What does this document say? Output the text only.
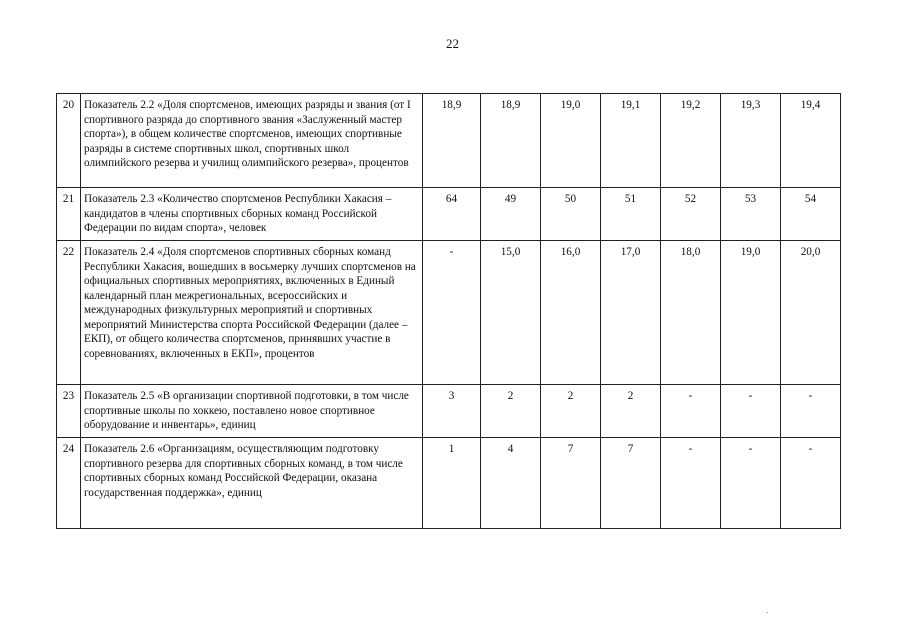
22
20	Показатель 2.2 «Доля спортсменов, имеющих разряды и звания (от I спортивного разряда до спортивного звания «Заслуженный мастер спорта»), в общем количестве спортсменов, имеющих спортивные разряды в системе спортивных школ, спортивных школ олимпийского резерва и училищ олимпийского резерва», процентов	18,9	18,9	19,0	19,1	19,2	19,3	19,4
21	Показатель 2.3 «Количество спортсменов Республики Хакасия – кандидатов в члены спортивных сборных команд Российской Федерации по видам спорта», человек	64	49	50	51	52	53	54
22	Показатель 2.4 «Доля спортсменов спортивных сборных команд Республики Хакасия, вошедших в восьмерку лучших спортсменов на официальных спортивных мероприятиях, включенных в Единый календарный план межрегиональных, всероссийских и международных физкультурных мероприятий и спортивных мероприятий Министерства спорта Российской Федерации (далее – ЕКП), от общего количества спортсменов, принявших участие в соревнованиях, включенных в ЕКП», процентов	-	15,0	16,0	17,0	18,0	19,0	20,0
23	Показатель 2.5 «В организации спортивной подготовки, в том числе спортивные школы по хоккею, поставлено новое спортивное оборудование и инвентарь», единиц	3	2	2	2	-	-	-
24	Показатель 2.6 «Организациям, осуществляющим подготовку спортивного резерва для спортивных сборных команд, в том числе спортивных сборных команд Российской Федерации, оказана государственная поддержка», единиц	1	4	7	7	-	-	-
